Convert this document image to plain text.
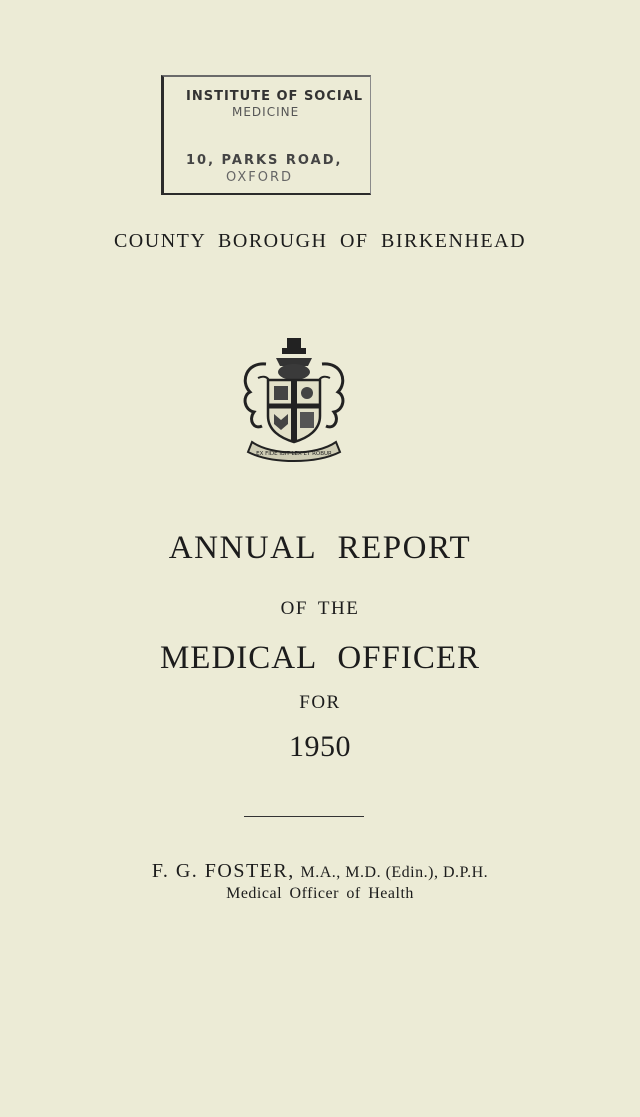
INSTITUTE OF SOCIAL
MEDICINE
10, PARKS ROAD,
OXFORD
COUNTY BOROUGH OF BIRKENHEAD
EX FIDE IBIT LEX ET ROBUR
ANNUAL REPORT
OF THE
MEDICAL OFFICER
FOR
1950
F. G. FOSTER, M.A., M.D. (Edin.), D.P.H.
Medical Officer of Health
